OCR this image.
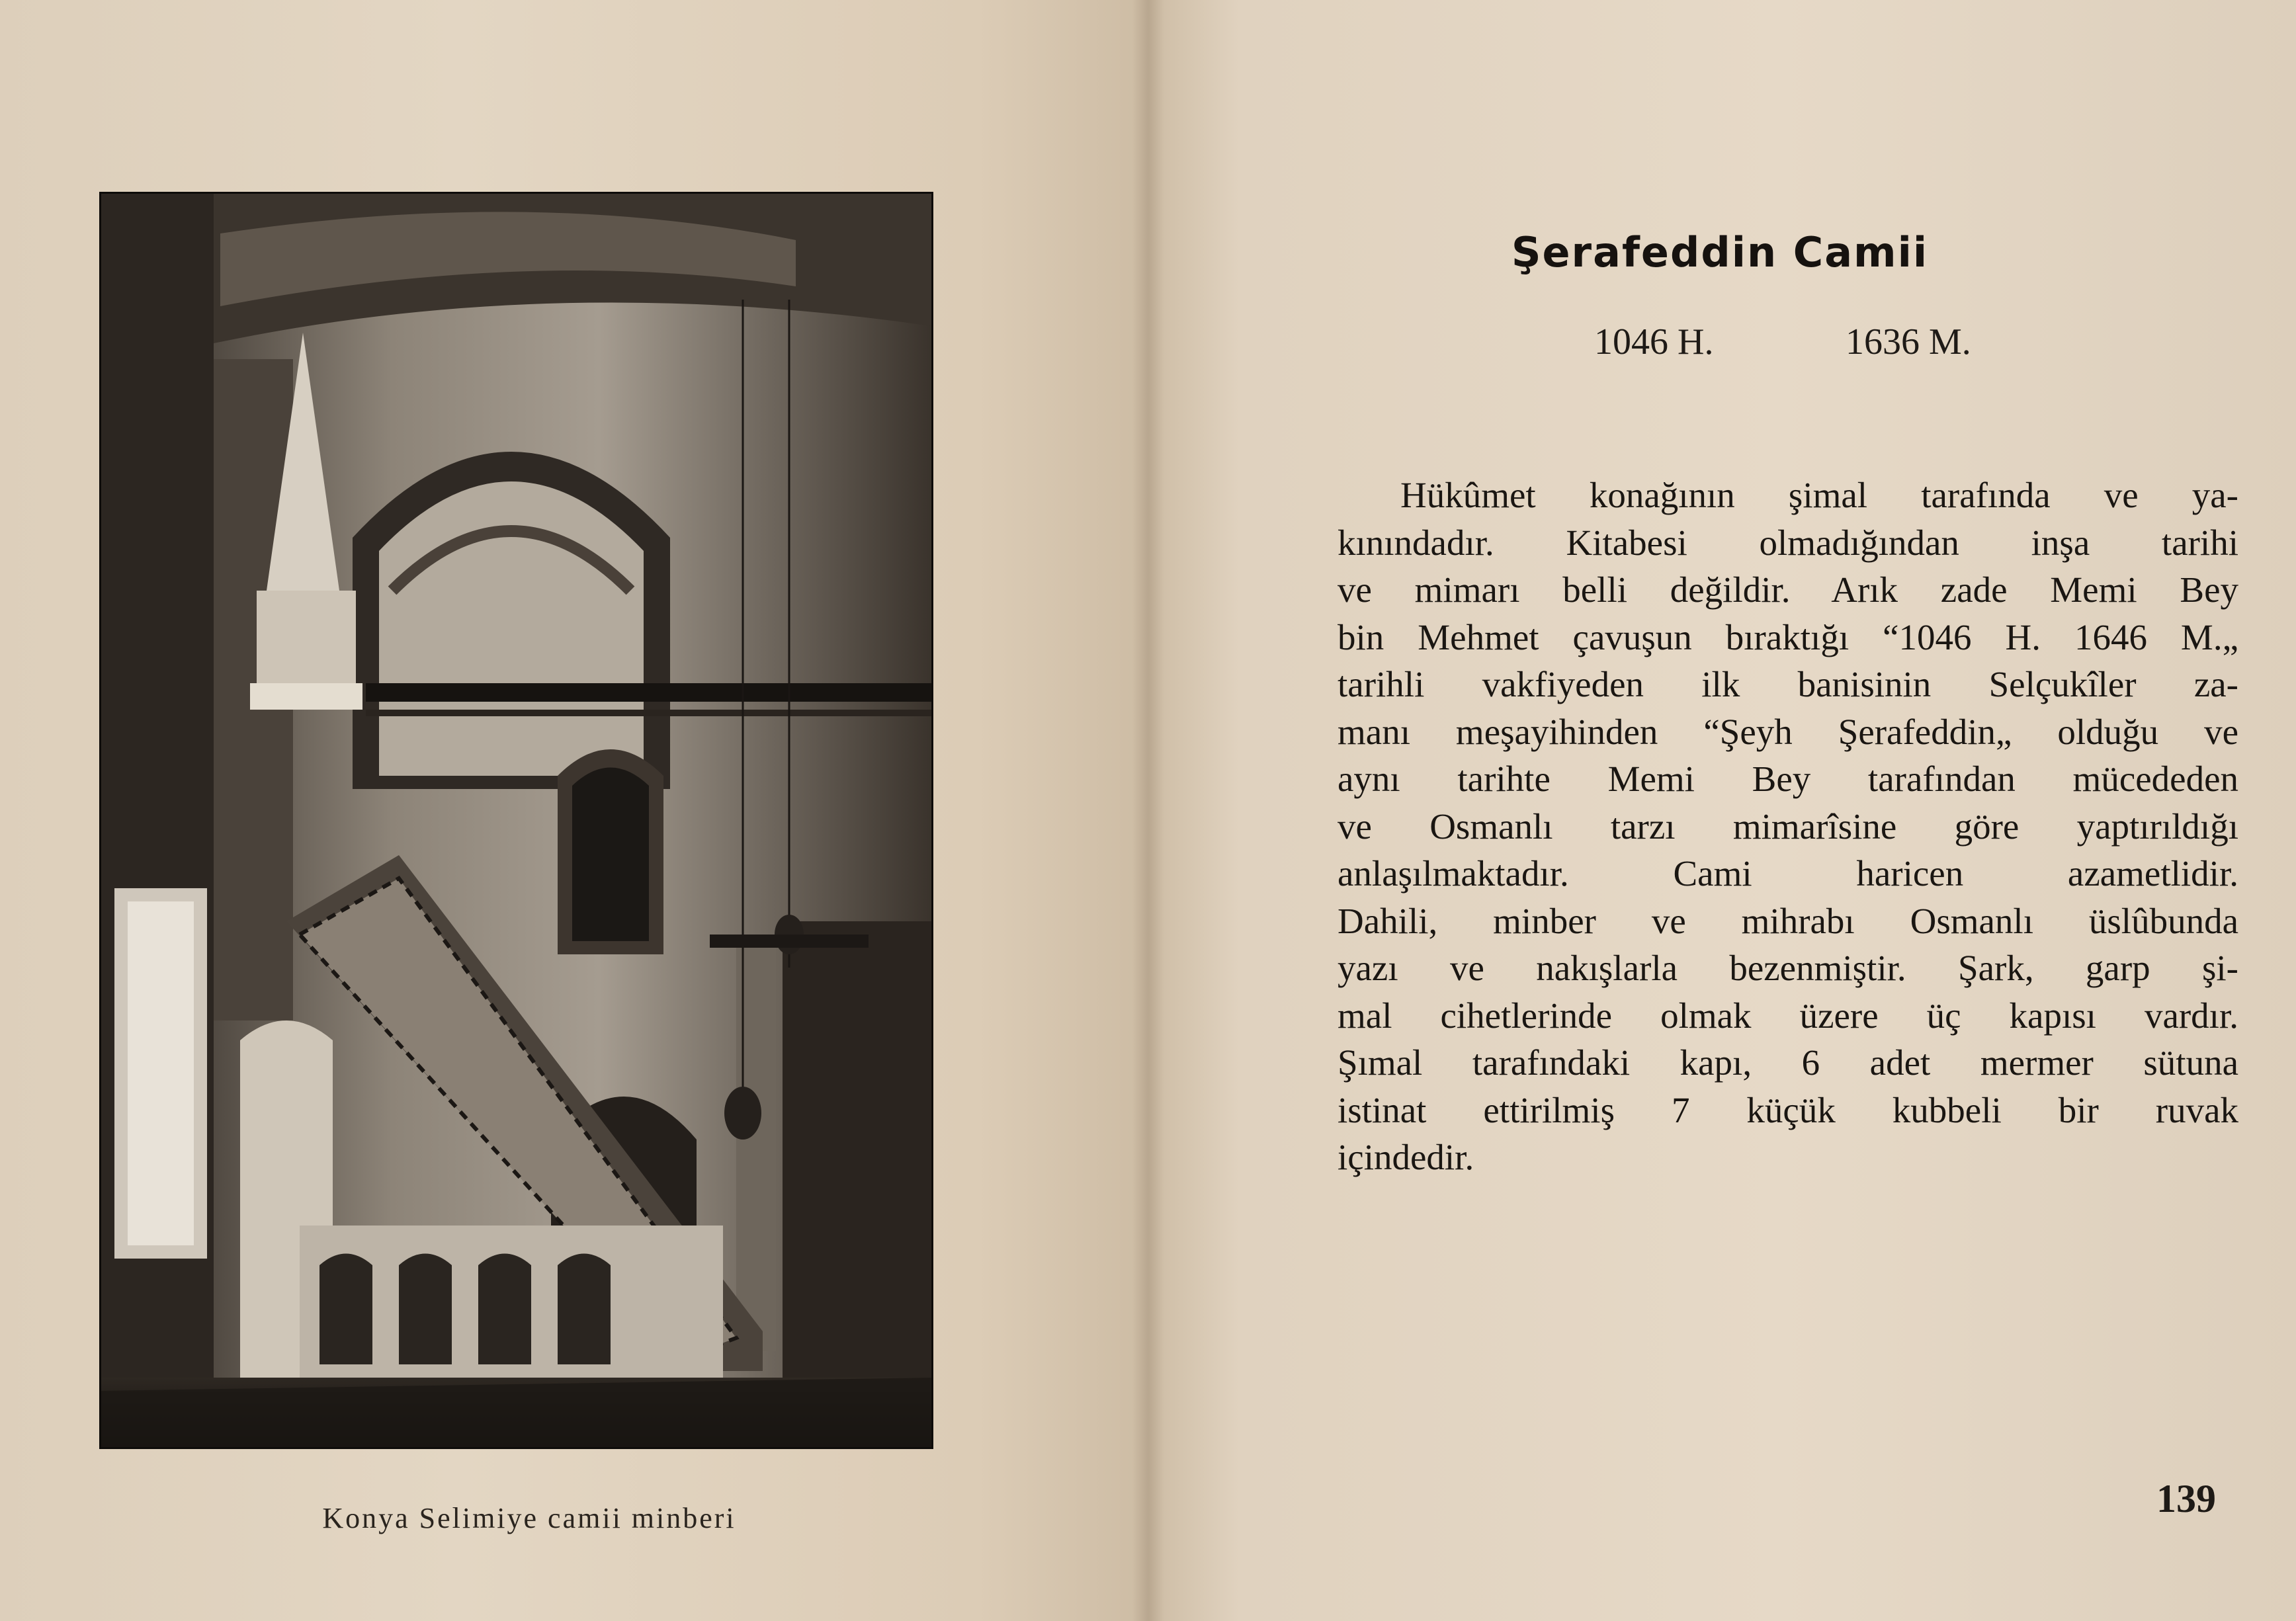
Konya Selimiye camii minberi
Şerafeddin Camii
1046 H.	1636 M.
Hükûmet konağının şimal tarafında ve ya-
kınındadır. Kitabesi olmadığından inşa tarihi
ve mimarı belli değildir. Arık zade Memi Bey
bin Mehmet çavuşun bıraktığı “1046 H. 1646 M.„
tarihli vakfiyeden ilk banisinin Selçukîler za-
manı meşayihinden “Şeyh Şerafeddin„ olduğu ve
aynı tarihte Memi Bey tarafından mücededen
ve Osmanlı tarzı mimarîsine göre yaptırıldığı
anlaşılmaktadır. Cami haricen azametlidir.
Dahili, minber ve mihrabı Osmanlı üslûbunda
yazı ve nakışlarla bezenmiştir. Şark, garp şi-
mal cihetlerinde olmak üzere üç kapısı vardır.
Şımal tarafındaki kapı, 6 adet mermer sütuna
istinat ettirilmiş 7 küçük kubbeli bir ruvak
içindedir.
139
